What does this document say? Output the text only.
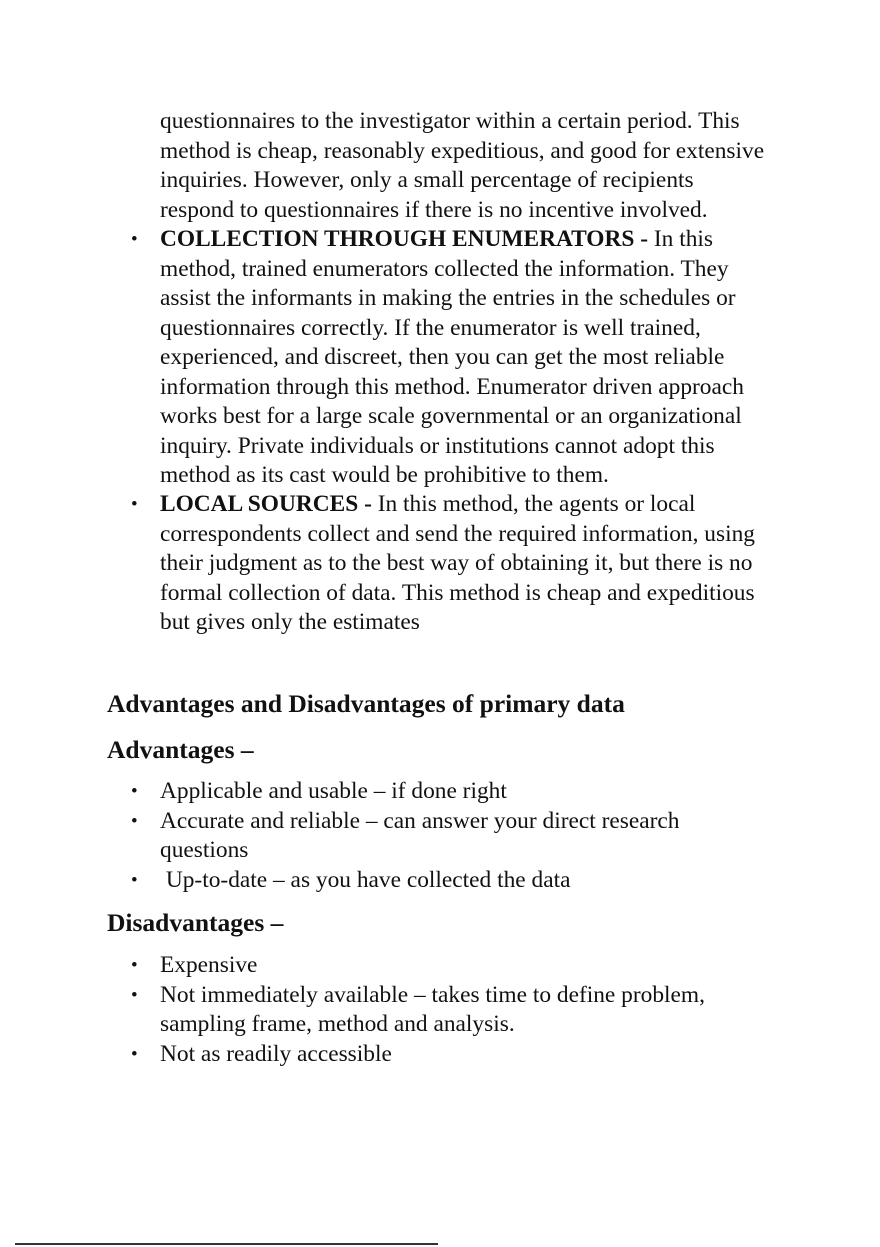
questionnaires to the investigator within a certain period. This
method is cheap, reasonably expeditious, and good for extensive
inquiries. However, only a small percentage of recipients
respond to questionnaires if there is no incentive involved.
• COLLECTION THROUGH ENUMERATORS - In this
method, trained enumerators collected the information. They
assist the informants in making the entries in the schedules or
questionnaires correctly. If the enumerator is well trained,
experienced, and discreet, then you can get the most reliable
information through this method. Enumerator driven approach
works best for a large scale governmental or an organizational
inquiry. Private individuals or institutions cannot adopt this
method as its cast would be prohibitive to them.
• LOCAL SOURCES - In this method, the agents or local
correspondents collect and send the required information, using
their judgment as to the best way of obtaining it, but there is no
formal collection of data. This method is cheap and expeditious
but gives only the estimates
Advantages and Disadvantages of primary data
Advantages –
• Applicable and usable – if done right
• Accurate and reliable – can answer your direct research
questions
• Up-to-date – as you have collected the data
Disadvantages –
• Expensive
• Not immediately available – takes time to define problem,
sampling frame, method and analysis.
• Not as readily accessible
